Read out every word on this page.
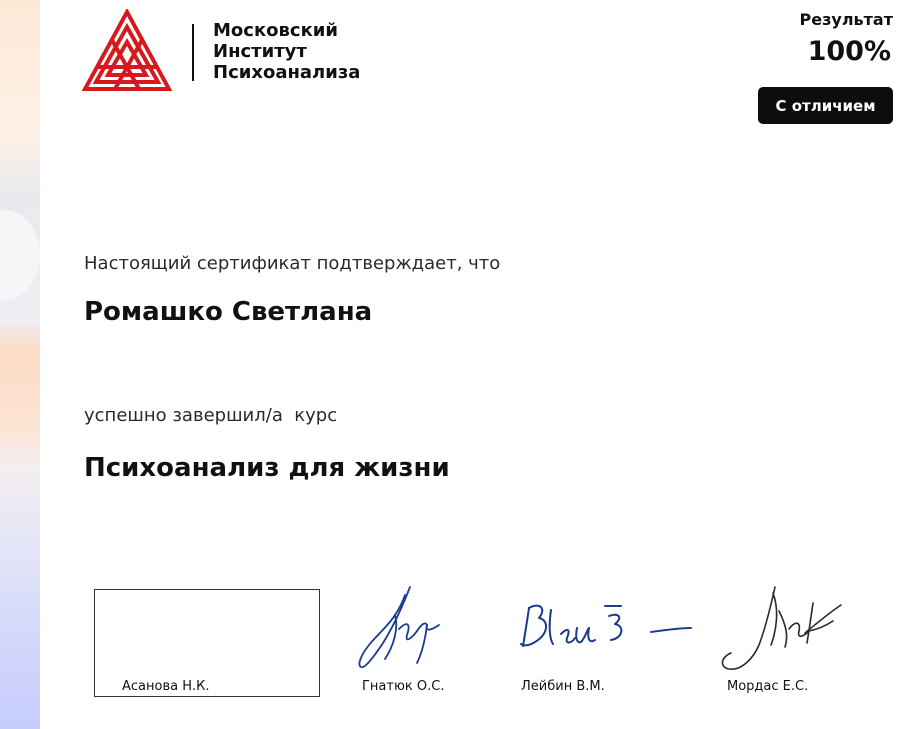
Московский
Институт
Психоанализа
Результат
100%
С отличием
Настоящий сертификат подтверждает, что
Ромашко Светлана
успешно завершил/а  курс
Психоанализ для жизни
Асанова Н.К.	Гнатюк О.С.	Лейбин В.М.	Мордас Е.С.
